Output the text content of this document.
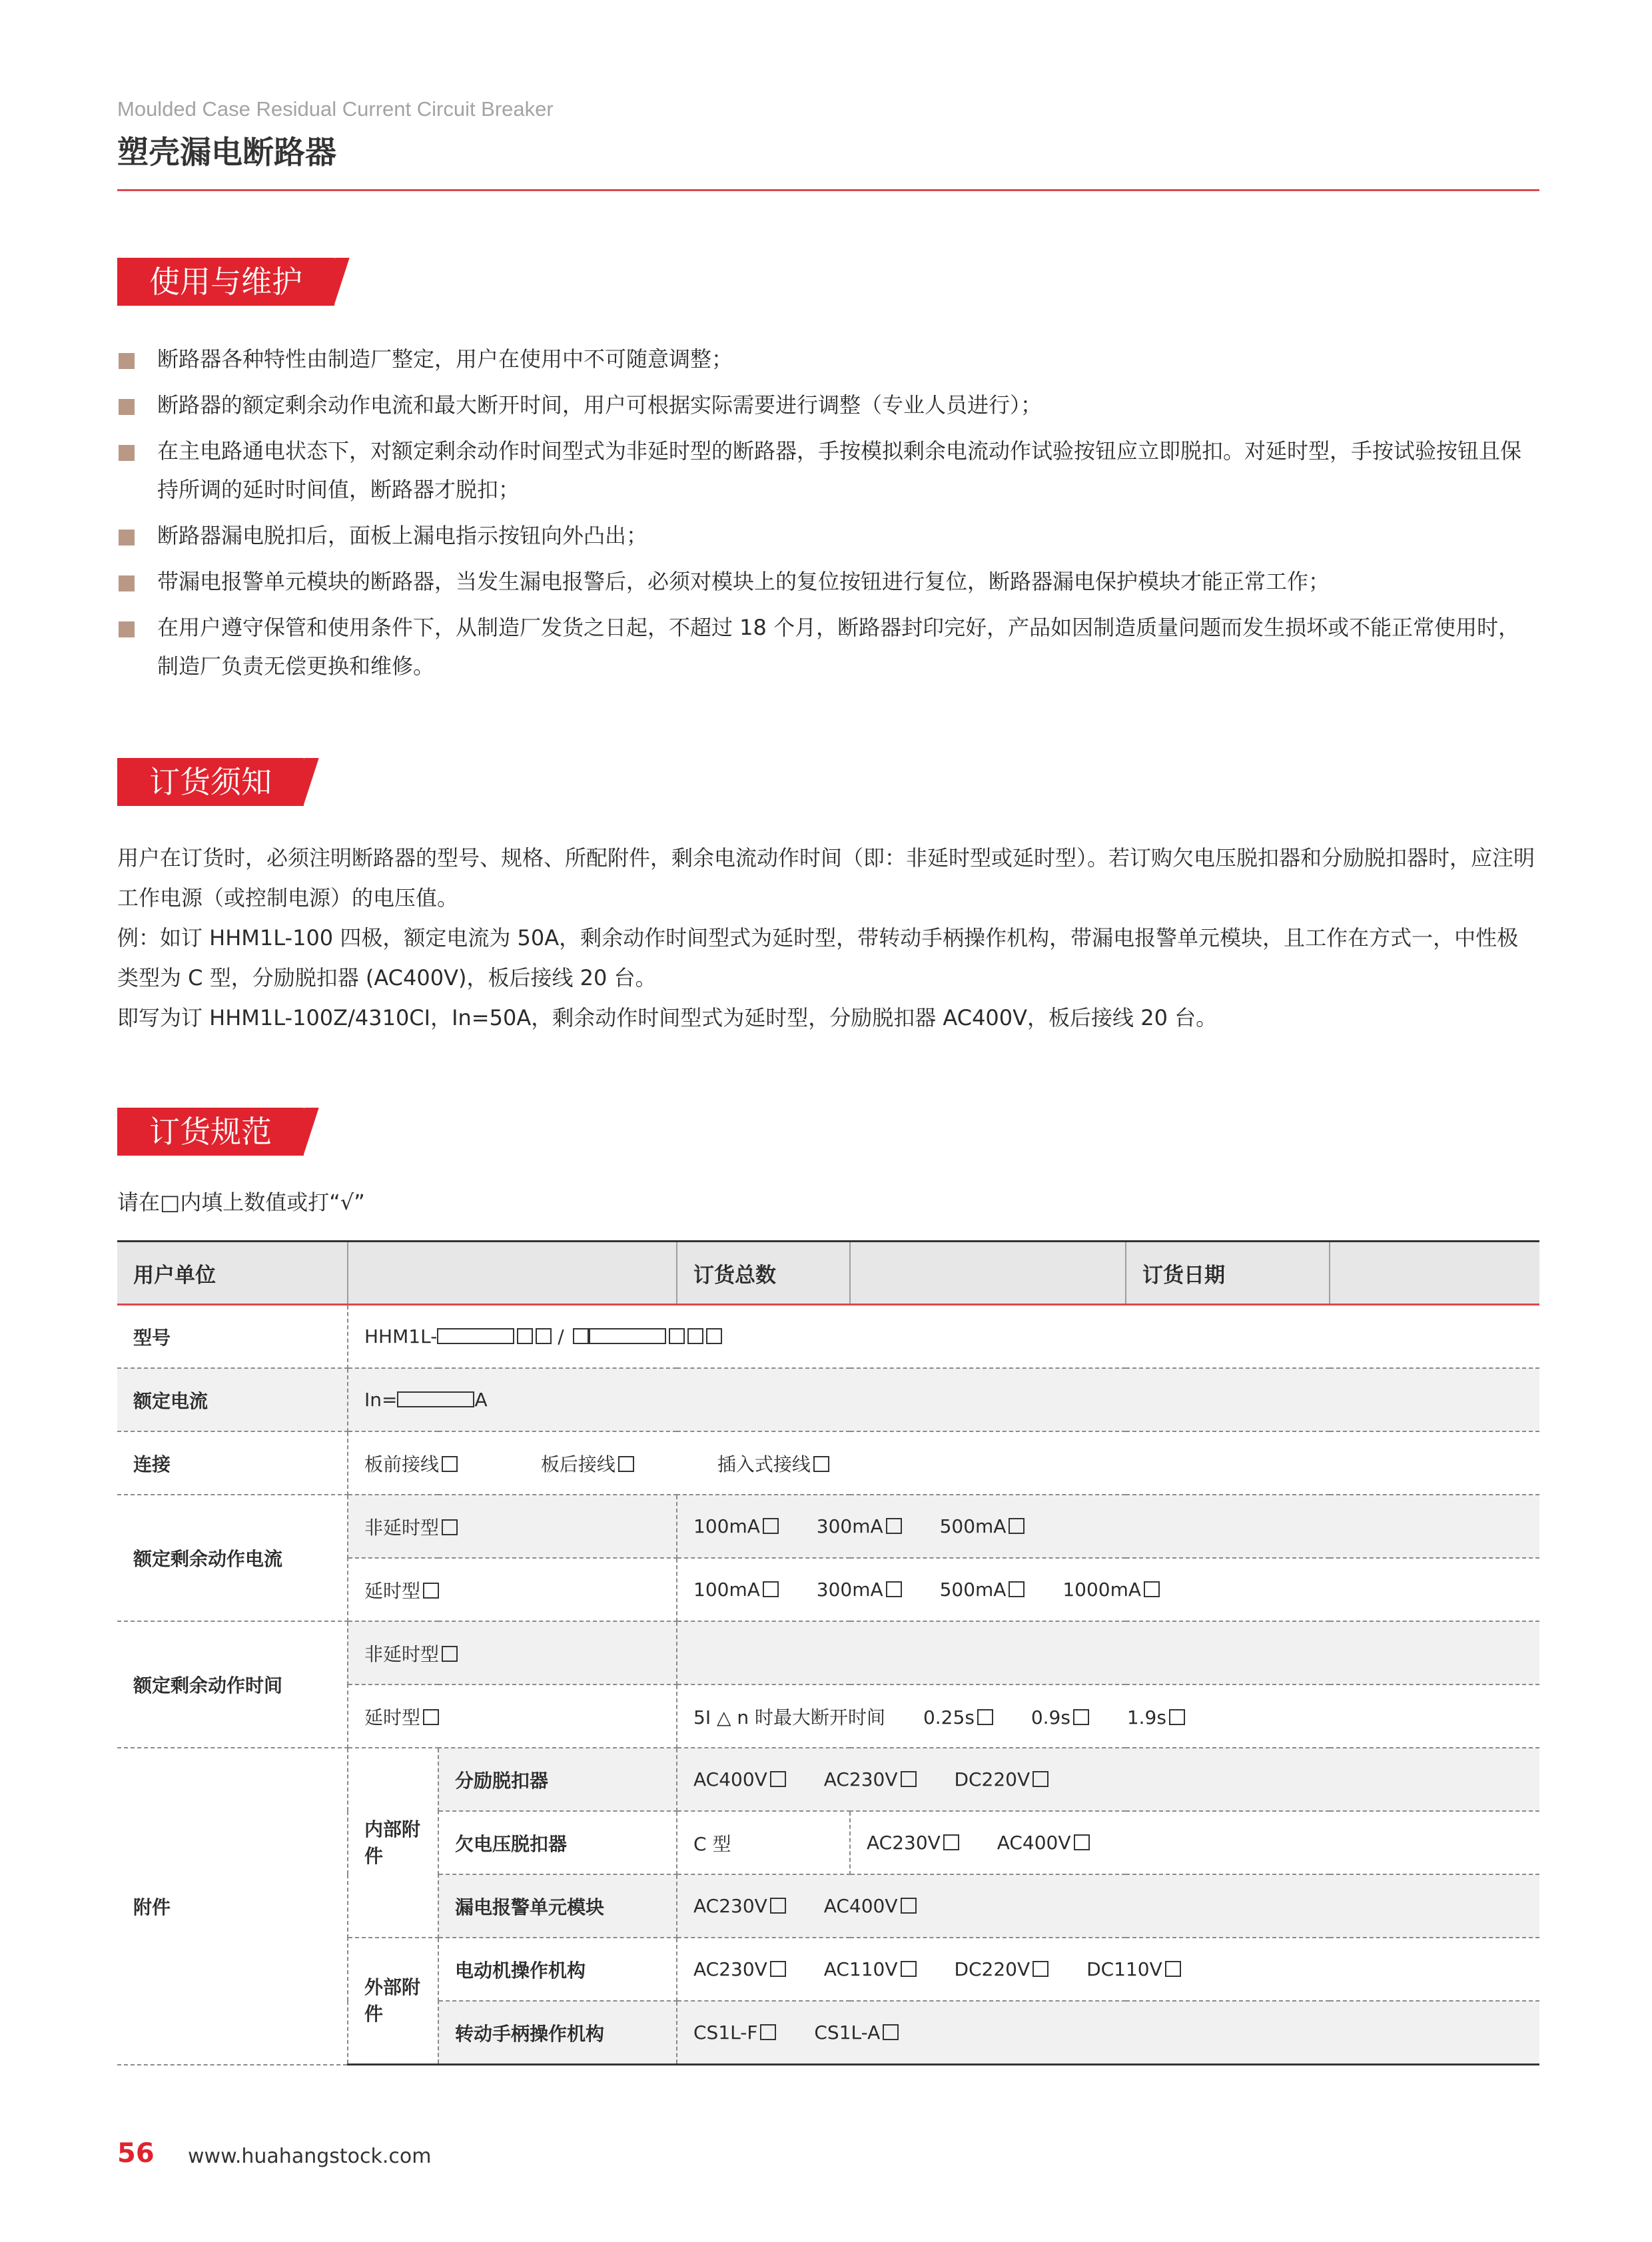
Moulded Case Residual Current Circuit Breaker
塑壳漏电断路器
使用与维护
断路器各种特性由制造厂整定，用户在使用中不可随意调整；
断路器的额定剩余动作电流和最大断开时间，用户可根据实际需要进行调整（专业人员进行）；
在主电路通电状态下，对额定剩余动作时间型式为非延时型的断路器，手按模拟剩余电流动作试验按钮应立即脱扣。对延时型，手按试验按钮且保持所调的延时时间值，断路器才脱扣；
断路器漏电脱扣后，面板上漏电指示按钮向外凸出；
带漏电报警单元模块的断路器，当发生漏电报警后，必须对模块上的复位按钮进行复位，断路器漏电保护模块才能正常工作；
在用户遵守保管和使用条件下，从制造厂发货之日起，不超过 18 个月，断路器封印完好，产品如因制造质量问题而发生损坏或不能正常使用时，制造厂负责无偿更换和维修。
订货须知

用户在订货时，必须注明断路器的型号、规格、所配附件，剩余电流动作时间（即：非延时型或延时型）。若订购欠电压脱扣器和分励脱扣器时，应注明工作电源（或控制电源）的电压值。

例：如订 HHM1L-100 四极，额定电流为 50A，剩余动作时间型式为延时型，带转动手柄操作机构，带漏电报警单元模块，且工作在方式一，中性极类型为 C 型，分励脱扣器 (AC400V)，板后接线 20 台。

即写为订 HHM1L-100Z/4310CI，In=50A，剩余动作时间型式为延时型，分励脱扣器 AC400V，板后接线 20 台。

订货规范
请在□内填上数值或打“√”
用户单位			订货总数		订货日期	
型号	HHM1L- /					
额定电流	In= A					
连接	板前接线 板后接线 插入式接线					
额定剩余动作电流	非延时型		100mA 300mA 500mA			
	延时型		100mA 300mA 500mA 1000mA			
额定剩余动作时间	非延时型					
	延时型		5I △ n 时最大断开时间 0.25s 0.9s 1.9s			
附件	内部附件	分励脱扣器	AC400V AC230V DC220V			
		欠电压脱扣器	C 型	AC230V AC400V		
		漏电报警单元模块	AC230V AC400V			
	外部附件	电动机操作机构	AC230V AC110V DC220V DC110V			
		转动手柄操作机构	CS1L-F CS1L-A			
56 www.huahangstock.com
